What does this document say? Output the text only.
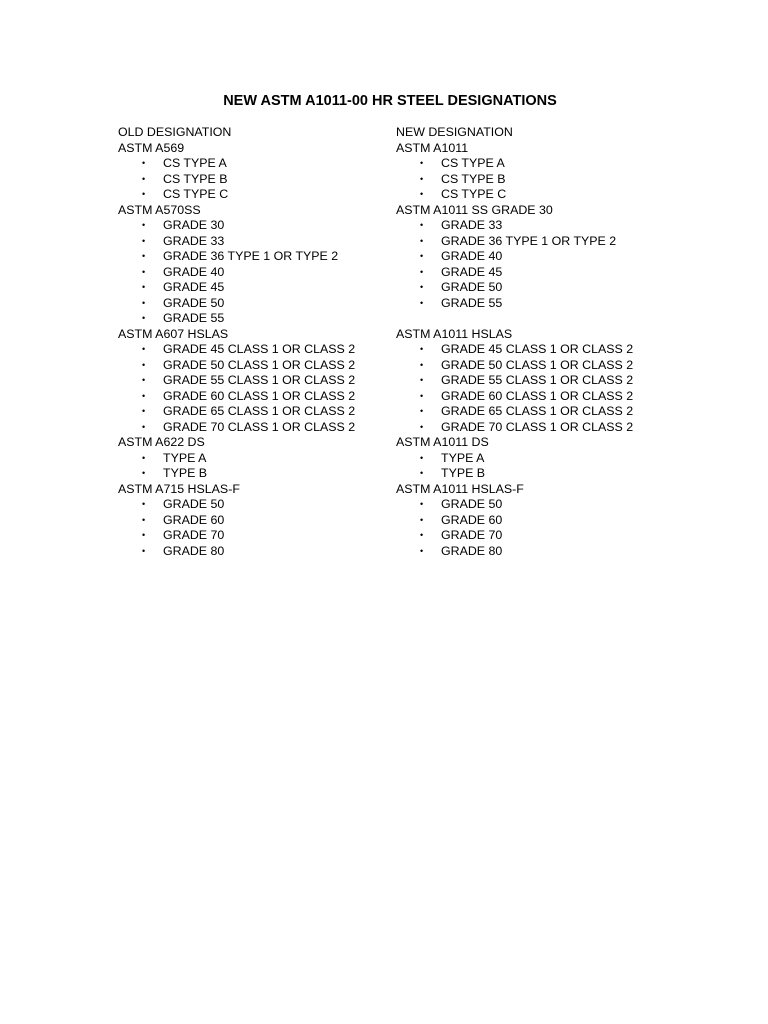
NEW ASTM A1011-00 HR STEEL DESIGNATIONS
OLD DESIGNATION
ASTM A569
• CS TYPE A
• CS TYPE B
• CS TYPE C
ASTM A570SS
• GRADE 30
• GRADE 33
• GRADE 36 TYPE 1 OR TYPE 2
• GRADE 40
• GRADE 45
• GRADE 50
• GRADE 55
ASTM A607 HSLAS
• GRADE 45 CLASS 1 OR CLASS 2
• GRADE 50 CLASS 1 OR CLASS 2
• GRADE 55 CLASS 1 OR CLASS 2
• GRADE 60 CLASS 1 OR CLASS 2
• GRADE 65 CLASS 1 OR CLASS 2
• GRADE 70 CLASS 1 OR CLASS 2
ASTM A622 DS
• TYPE A
• TYPE B
ASTM A715 HSLAS-F
• GRADE 50
• GRADE 60
• GRADE 70
• GRADE 80
NEW DESIGNATION
ASTM A1011
• CS TYPE A
• CS TYPE B
• CS TYPE C
ASTM A1011 SS GRADE 30
• GRADE 33
• GRADE 36 TYPE 1 OR TYPE 2
• GRADE 40
• GRADE 45
• GRADE 50
• GRADE 55
ASTM A1011 HSLAS
• GRADE 45 CLASS 1 OR CLASS 2
• GRADE 50 CLASS 1 OR CLASS 2
• GRADE 55 CLASS 1 OR CLASS 2
• GRADE 60 CLASS 1 OR CLASS 2
• GRADE 65 CLASS 1 OR CLASS 2
• GRADE 70 CLASS 1 OR CLASS 2
ASTM A1011 DS
• TYPE A
• TYPE B
ASTM A1011 HSLAS-F
• GRADE 50
• GRADE 60
• GRADE 70
• GRADE 80
